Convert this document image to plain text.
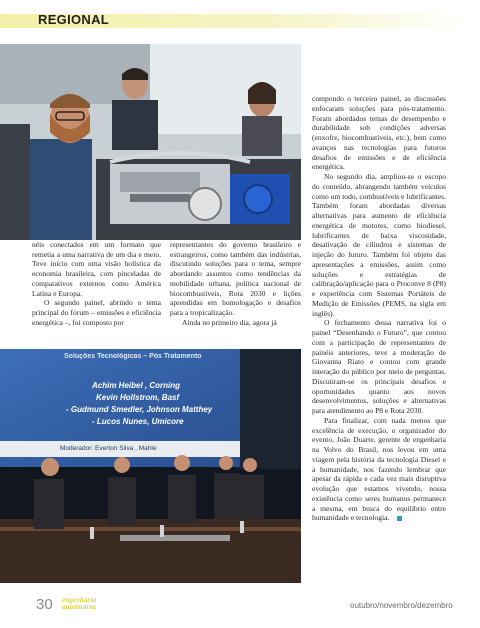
REGIONAL

néis conectados em um formato que remetia a uma narrativa de um dia e meio. Teve início com uma visão holística da economia brasileira, com pinceladas de comparativos externos como América Latina e Europa.

O segundo painel, abrindo o tema principal do fórum – emissões e eficiência energética –, foi composto por

representantes do governo brasileiro e estrangeiros, como também das indústrias, discutindo soluções para o tema, sempre abordando assuntos como tendências da mobilidade urbana, política nacional de biocombustíveis, Rota 2030 e lições aprendidas em homologação e desafios para a tropicalização.

Ainda no primeiro dia, agora já

Soluções Tecnológicas – Pós Tratamento
Achim Heibel , Corning
Kevin Hollstrom, Basf
- Gudmund Smedler, Johnson Matthey
- Lucos Nunes, Umicore
Moderador: Everton Silva , Mahle

compondo o terceiro painel, as discussões enfocaram soluções para pós-tratamento. Foram abordados temas de desempenho e durabilidade sob condições adversas (enxofre, biocombustíveis, etc.), bem como avanços nas tecnologias para futuros desafios de emissões e de eficiência energética.

No segundo dia, ampliou-se o escopo do conteúdo, abrangendo também veículos como um todo, combustíveis e lubrificantes. Também foram abordadas diversas alternativas para aumento de eficiência energética de motores, como biodiesel, lubrificantes de baixa viscosidade, desativação de cilindros e sistemas de injeção do futuro. Também foi objeto das apresentações a emissões, assim como soluções e estratégias de calibração/aplicação para o Proconve 8 (P8) e experiência com Sistemas Portáteis de Medição de Emissões (PEMS, na sigla em inglês).

O fechamento dessa narrativa foi o painel “Desenhando o Futuro”, que contou com a participação de representantes de painéis anteriores, teve a moderação de Giovanna Riato e contou com grande interação do público por meio de perguntas. Discutiram-se os principais desafios e oportunidades quanto aos novos desenvolvimentos, soluções e alternativas para atendimento ao P8 e Rota 2030.

Para finalizar, com nada menos que excelência de execução, o organizador do evento, João Duarte, gerente de engenharia na Volvo do Brasil, nos levou em uma viagem pela história da tecnologia Diesel e a humanidade, nos fazendo lembrar que apesar da rápida e cada vez mais disruptiva evolução que estamos vivendo, nossa existência como seres humanos permanece a mesma, em busca do equilíbrio entre humanidade e tecnologia.

30 engenharia
automotiva	outubro/novembro/dezembro
